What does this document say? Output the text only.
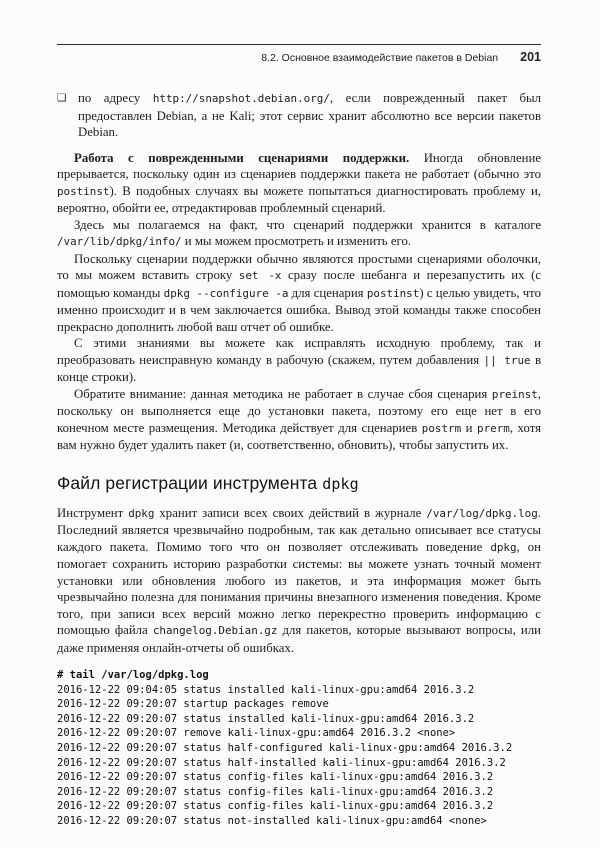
8.2. Основное взаимодействие пакетов в Debian 201
❑ по адресу http://snapshot.debian.org/, если поврежденный пакет был предоставлен Debian, а не Kali; этот сервис хранит абсолютно все версии пакетов Debian.

Работа с поврежденными сценариями поддержки. Иногда обновление прерывается, поскольку один из сценариев поддержки пакета не работает (обычно это postinst). В подобных случаях вы можете попытаться диагностировать проблему и, вероятно, обойти ее, отредактировав проблемный сценарий.

Здесь мы полагаемся на факт, что сценарий поддержки хранится в каталоге /var/lib/dpkg/info/ и мы можем просмотреть и изменить его.

Поскольку сценарии поддержки обычно являются простыми сценариями оболочки, то мы можем вставить строку set -x сразу после шебанга и перезапустить их (с помощью команды dpkg --configure -a для сценария postinst) с целью увидеть, что именно происходит и в чем заключается ошибка. Вывод этой команды также способен прекрасно дополнить любой ваш отчет об ошибке.

С этими знаниями вы можете как исправлять исходную проблему, так и преобразовать неисправную команду в рабочую (скажем, путем добавления || true в конце строки).

Обратите внимание: данная методика не работает в случае сбоя сценария preinst, поскольку он выполняется еще до установки пакета, поэтому его еще нет в его конечном месте размещения. Методика действует для сценариев postrm и prerm, хотя вам нужно будет удалить пакет (и, соответственно, обновить), чтобы запустить их.

Файл регистрации инструмента dpkg

Инструмент dpkg хранит записи всех своих действий в журнале /var/log/dpkg.log. Последний является чрезвычайно подробным, так как детально описывает все статусы каждого пакета. Помимо того что он позволяет отслеживать поведение dpkg, он помогает сохранить историю разработки системы: вы можете узнать точный момент установки или обновления любого из пакетов, и эта информация может быть чрезвычайно полезна для понимания причины внезапного изменения поведения. Кроме того, при записи всех версий можно легко перекрестно проверить информацию с помощью файла changelog.Debian.gz для пакетов, которые вызывают вопросы, или даже применяя онлайн-отчеты об ошибках.

# tail /var/log/dpkg.log
2016-12-22 09:04:05 status installed kali-linux-gpu:amd64 2016.3.2
2016-12-22 09:20:07 startup packages remove
2016-12-22 09:20:07 status installed kali-linux-gpu:amd64 2016.3.2
2016-12-22 09:20:07 remove kali-linux-gpu:amd64 2016.3.2 <none>
2016-12-22 09:20:07 status half-configured kali-linux-gpu:amd64 2016.3.2
2016-12-22 09:20:07 status half-installed kali-linux-gpu:amd64 2016.3.2
2016-12-22 09:20:07 status config-files kali-linux-gpu:amd64 2016.3.2
2016-12-22 09:20:07 status config-files kali-linux-gpu:amd64 2016.3.2
2016-12-22 09:20:07 status config-files kali-linux-gpu:amd64 2016.3.2
2016-12-22 09:20:07 status not-installed kali-linux-gpu:amd64 <none>
